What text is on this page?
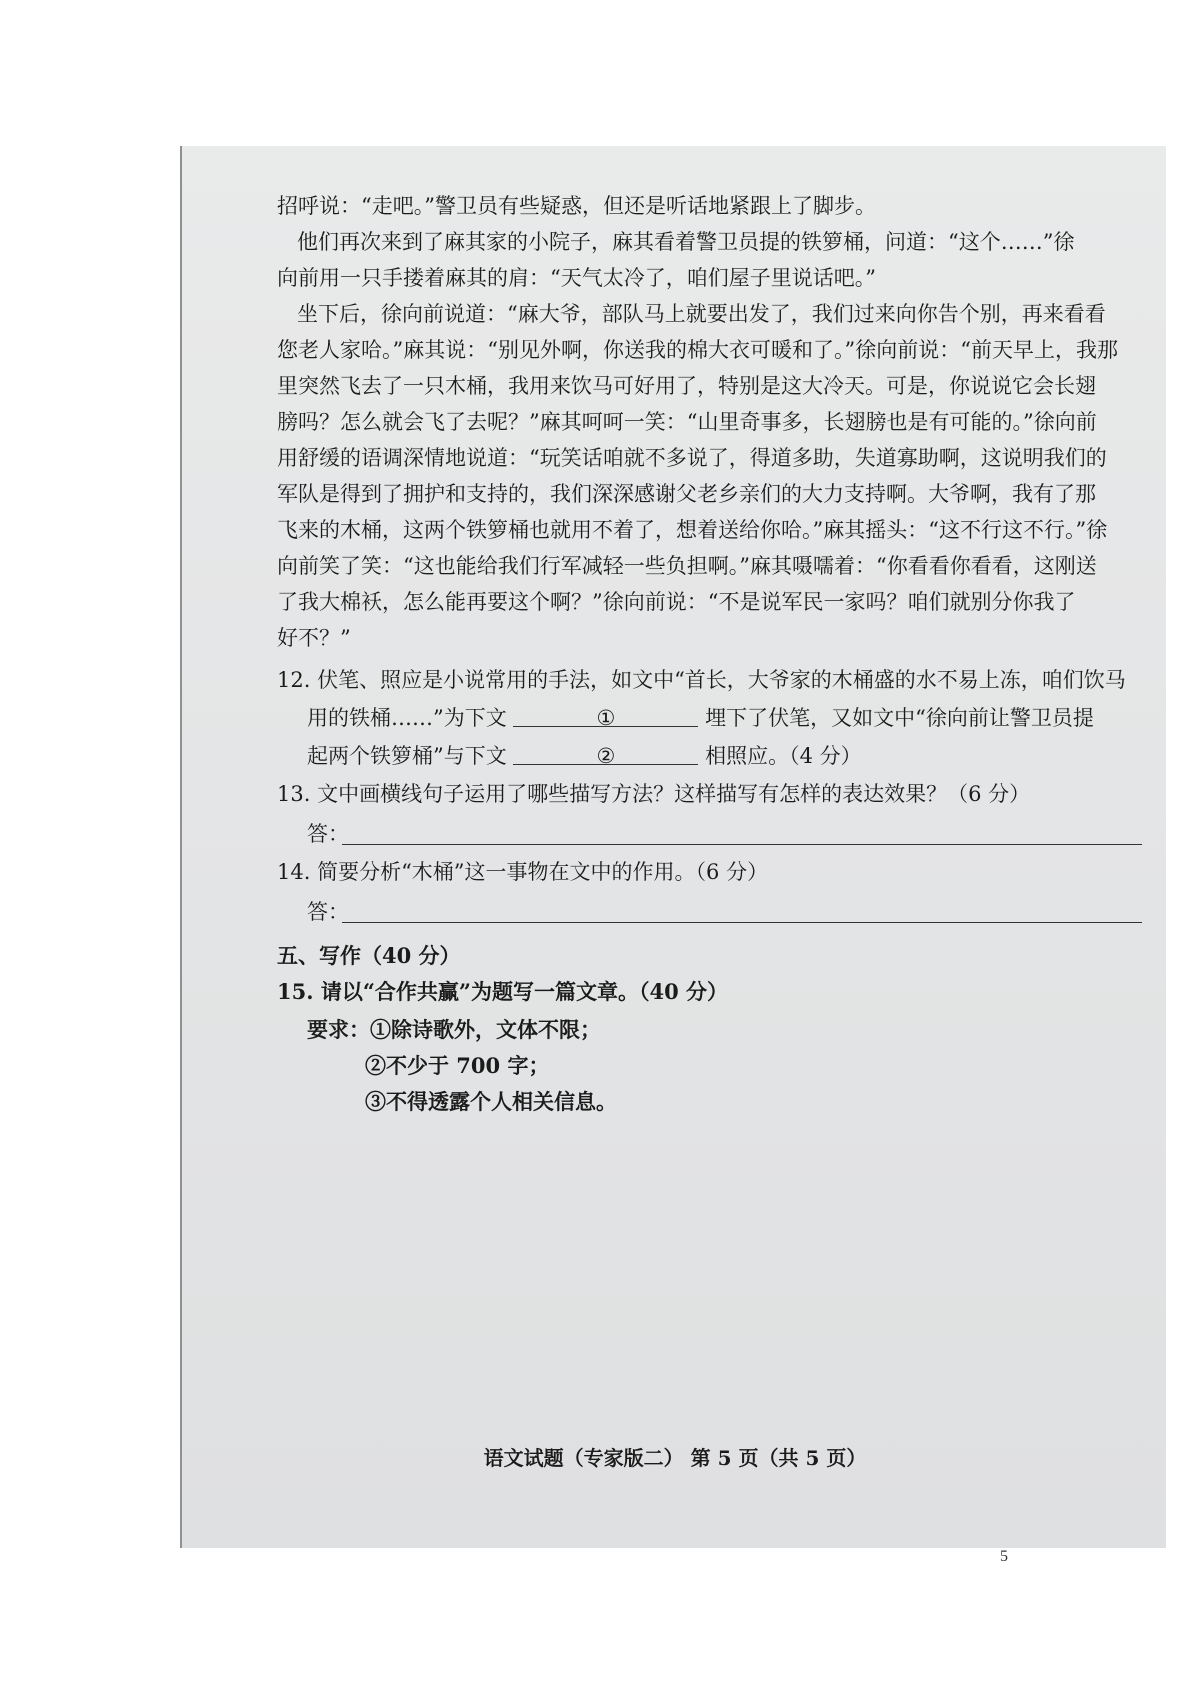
招呼说：“走吧。”警卫员有些疑惑，但还是听话地紧跟上了脚步。
他们再次来到了麻其家的小院子，麻其看着警卫员提的铁箩桶，问道：“这个……”徐
向前用一只手搂着麻其的肩：“天气太冷了，咱们屋子里说话吧。”
坐下后，徐向前说道：“麻大爷，部队马上就要出发了，我们过来向你告个别，再来看看
您老人家哈。”麻其说：“别见外啊，你送我的棉大衣可暖和了。”徐向前说：“前天早上，我那
里突然飞去了一只木桶，我用来饮马可好用了，特别是这大冷天。可是，你说说它会长翅
膀吗？怎么就会飞了去呢？”麻其呵呵一笑：“山里奇事多，长翅膀也是有可能的。”徐向前
用舒缓的语调深情地说道：“玩笑话咱就不多说了，得道多助，失道寡助啊，这说明我们的
军队是得到了拥护和支持的，我们深深感谢父老乡亲们的大力支持啊。大爷啊，我有了那
飞来的木桶，这两个铁箩桶也就用不着了，想着送给你哈。”麻其摇头：“这不行这不行。”徐
向前笑了笑：“这也能给我们行军减轻一些负担啊。”麻其嗫嚅着：“你看看你看看，这刚送
了我大棉袄，怎么能再要这个啊？”徐向前说：“不是说军民一家吗？咱们就别分你我了
好不？”
12. 伏笔、照应是小说常用的手法，如文中“首长，大爷家的木桶盛的水不易上冻，咱们饮马
用的铁桶……”为下文	①	埋下了伏笔，又如文中“徐向前让警卫员提
起两个铁箩桶”与下文	②	相照应。（4 分）
13. 文中画横线句子运用了哪些描写方法？这样描写有怎样的表达效果？（6 分）
答：
14. 简要分析“木桶”这一事物在文中的作用。（6 分）
答：
五、写作（40 分）
15. 请以“合作共赢”为题写一篇文章。（40 分）
要求：①除诗歌外，文体不限；
②不少于 700 字；
③不得透露个人相关信息。
语文试题（专家版二） 第 5 页（共 5 页）
5
